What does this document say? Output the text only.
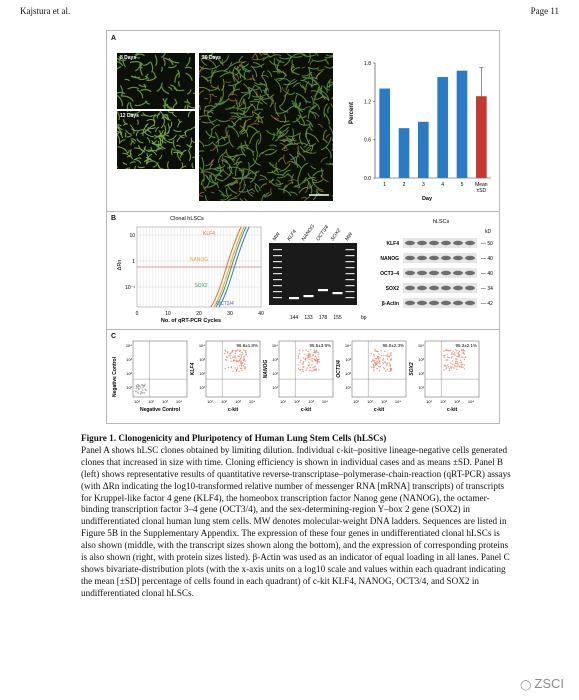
Kajstura et al.	Page 11
A
8 Days
12 Days
20 Days
Percent
Day
0.0
0.6
1.2
1.8
1	2	3	4	5 Mean
±SD
B	Clonal hLSCs
ΔRn
No. of qRT-PCR Cycles
10
1
10⁻¹
0	10	20	30	40
KLF4
NANOG
SOX2
OCT3/4
bp
MW KLF4 NANOG OCT3/4 SOX2 MW
144 133 178 155
hLSCs
kD
KLF4	— 50
NANOG	— 40
OCT3–4	— 40
SOX2	— 34
β-Actin	— 42
C
Negative Control
10⁴
10³
10²
10¹
10¹ 10² 10³ 10⁴
Negative Control
10⁴
10³
10²
10¹
10¹ 10² 10³ 10⁴
96.8±1.8%
KLF4
c-kit
10⁴
10³
10²
10¹
10¹ 10² 10³ 10⁴
95.5±3.9%
NANOG
c-kit
10⁴
10³
10²
10¹
10¹ 10² 10³ 10⁴
96.0±2.3%
OCT3/4
c-kit
10⁴
10³
10²
10¹
10¹ 10² 10³ 10⁴
95.3±2.1%
SOX2
c-kit

Figure 1. Clonogenicity and Pluripotency of Human Lung Stem Cells (hLSCs)

Panel A shows hLSC clones obtained by limiting dilution. Individual c-kit–positive lineage-negative cells generated clones that increased in size with time. Cloning efficiency is shown in individual cases and as means ±SD. Panel B (left) shows representative results of quantitative reverse-transcriptase–polymerase-chain-reaction (qRT-PCR) assays (with ΔRn indicating the log10-transformed relative number of messenger RNA [mRNA] transcripts) of transcripts for Kruppel-like factor 4 gene (KLF4), the homeobox transcription factor Nanog gene (NANOG), the octamer-binding transcription factor 3–4 gene (OCT3/4), and the sex-determining-region Y–box 2 gene (SOX2) in undifferentiated clonal human lung stem cells. MW denotes molecular-weight DNA ladders. Sequences are listed in Figure 5B in the Supplementary Appendix. The expression of these four genes in undifferentiated clonal hLSCs is also shown (middle, with the transcript sizes shown along the bottom), and the expression of corresponding proteins is also shown (right, with protein sizes listed). β-Actin was used as an indicator of equal loading in all lanes. Panel C shows bivariate-distribution plots (with the x-axis units on a log10 scale and values within each quadrant indicating the mean [±SD] percentage of cells found in each quadrant) of c-kit KLF4, NANOG, OCT3/4, and SOX2 in undifferentiated clonal hLSCs.

◯ ZSCI
